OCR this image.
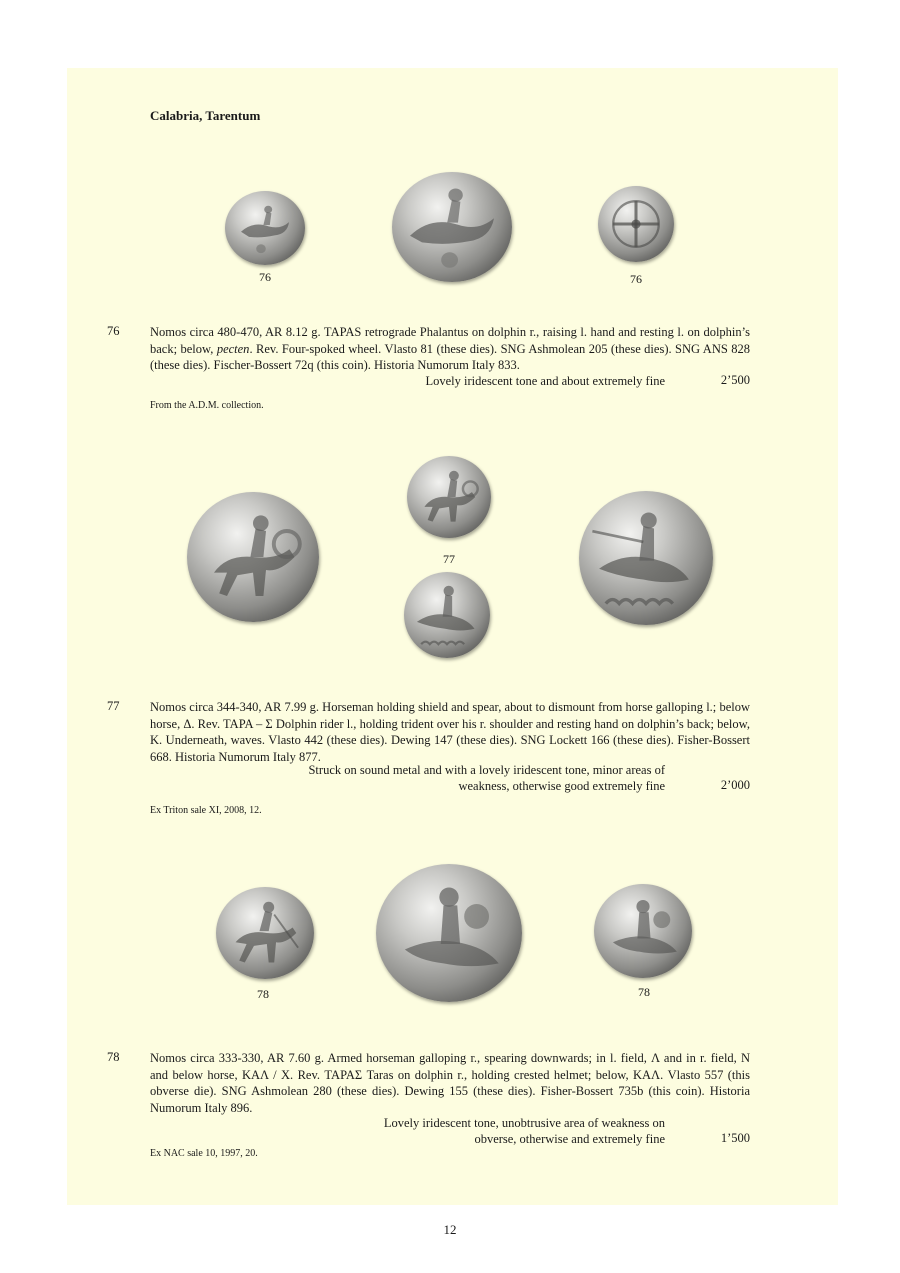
Calabria, Tarentum
76	76
76 Nomos circa 480-470, AR 8.12 g. TAPAS retrograde Phalantus on dolphin r., raising l. hand and resting l. on dolphin’s back; below, pecten. Rev. Four-spoked wheel. Vlasto 81 (these dies). SNG Ashmolean 205 (these dies). SNG ANS 828 (these dies). Fischer-Bossert 72q (this coin). Historia Numorum Italy 833.
Lovely iridescent tone and about extremely fine	2’500
From the A.D.M. collection.
77
77 Nomos circa 344-340, AR 7.99 g. Horseman holding shield and spear, about to dismount from horse galloping l.; below horse, Δ. Rev. TAPA – Σ Dolphin rider l., holding trident over his r. shoulder and resting hand on dolphin’s back; below, K. Underneath, waves. Vlasto 442 (these dies). Dewing 147 (these dies). SNG Lockett 166 (these dies). Fisher-Bossert 668. Historia Numorum Italy 877.
Struck on sound metal and with a lovely iridescent tone, minor areas of
weakness, otherwise good extremely fine	2’000
Ex Triton sale XI, 2008, 12.
78	78
78 Nomos circa 333-330, AR 7.60 g. Armed horseman galloping r., spearing downwards; in l. field, Λ and in r. field, N and below horse, ΚΑΛ / X. Rev. ΤΑΡΑΣ Taras on dolphin r., holding crested helmet; below, ΚΑΛ. Vlasto 557 (this obverse die). SNG Ashmolean 280 (these dies). Dewing 155 (these dies). Fisher-Bossert 735b (this coin). Historia Numorum Italy 896.
Lovely iridescent tone, unobtrusive area of weakness on
obverse, otherwise and extremely fine	1’500
Ex NAC sale 10, 1997, 20.
12
